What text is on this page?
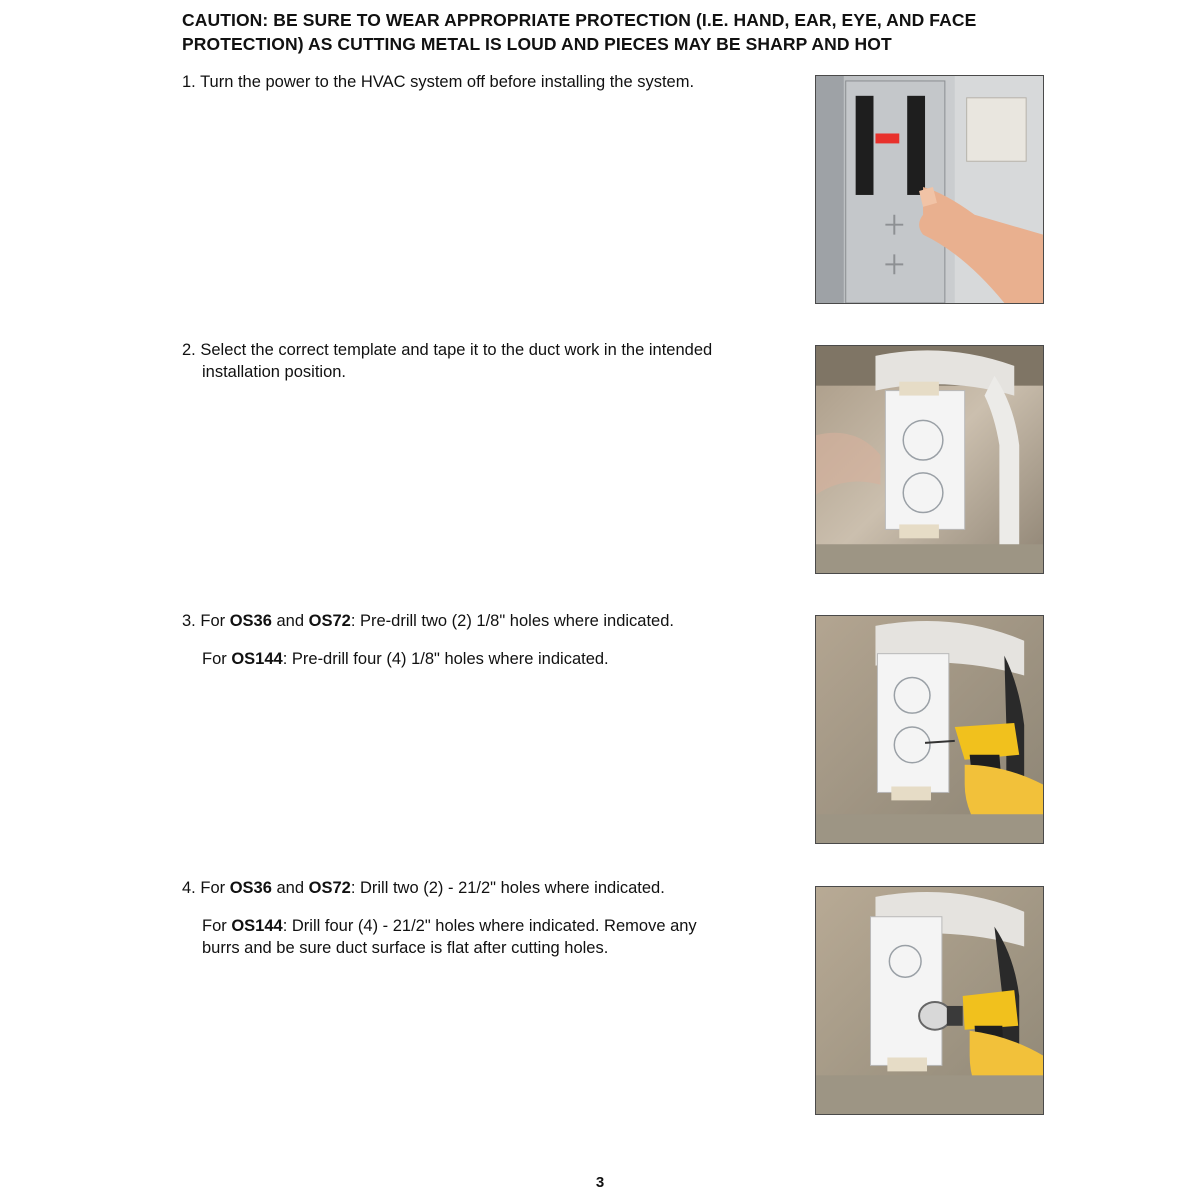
CAUTION: BE SURE TO WEAR APPROPRIATE PROTECTION (I.E. HAND, EAR, EYE, AND FACE
PROTECTION) AS CUTTING METAL IS LOUD AND PIECES MAY BE SHARP AND HOT

1. Turn the power to the HVAC system off before installing the system.

2. Select the correct template and tape it to the duct work in the intended

installation position.

3. For OS36 and OS72: Pre-drill two (2) 1/8" holes where indicated.

For OS144: Pre-drill four (4) 1/8" holes where indicated.

4. For OS36 and OS72: Drill two (2) - 21/2" holes where indicated.

For OS144: Drill four (4) - 21/2" holes where indicated. Remove any

burrs and be sure duct surface is flat after cutting holes.

3
